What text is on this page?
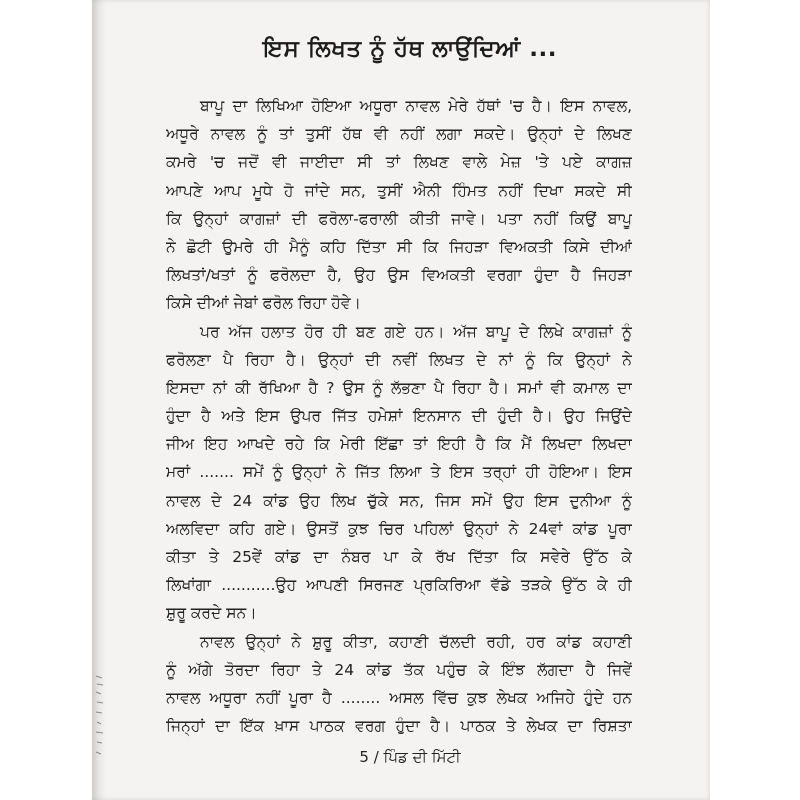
ਇਸ ਲਿਖਤ ਨੂੰ ਹੱਥ ਲਾਉਂਦਿਆਂ ...
ਬਾਪੂ ਦਾ ਲਿਖਿਆ ਹੋਇਆ ਅਧੂਰਾ ਨਾਵਲ ਮੇਰੇ ਹੱਥਾਂ 'ਚ ਹੈ। ਇਸ ਨਾਵਲ,
ਅਧੂਰੇ ਨਾਵਲ ਨੂੰ ਤਾਂ ਤੁਸੀਂ ਹੱਥ ਵੀ ਨਹੀਂ ਲਗਾ ਸਕਦੇ। ਉਨ੍ਹਾਂ ਦੇ ਲਿਖਣ
ਕਮਰੇ 'ਚ ਜਦੋਂ ਵੀ ਜਾਈਦਾ ਸੀ ਤਾਂ ਲਿਖਣ ਵਾਲੇ ਮੇਜ਼ 'ਤੇ ਪਏ ਕਾਗਜ਼
ਆਪਣੇ ਆਪ ਮੂਧੇ ਹੋ ਜਾਂਦੇ ਸਨ, ਤੁਸੀਂ ਐਨੀ ਹਿੰਮਤ ਨਹੀਂ ਦਿਖਾ ਸਕਦੇ ਸੀ
ਕਿ ਉਨ੍ਹਾਂ ਕਾਗਜ਼ਾਂ ਦੀ ਫਰੋਲਾ-ਫਰਾਲੀ ਕੀਤੀ ਜਾਵੇ। ਪਤਾ ਨਹੀਂ ਕਿਉਂ ਬਾਪੂ
ਨੇ ਛੋਟੀ ਉਮਰੇ ਹੀ ਮੈਨੂੰ ਕਹਿ ਦਿੱਤਾ ਸੀ ਕਿ ਜਿਹੜਾ ਵਿਅਕਤੀ ਕਿਸੇ ਦੀਆਂ
ਲਿਖਤਾਂ/ਖਤਾਂ ਨੂੰ ਫਰੋਲਦਾ ਹੈ, ਉਹ ਉਸ ਵਿਅਕਤੀ ਵਰਗਾ ਹੁੰਦਾ ਹੈ ਜਿਹੜਾ
ਕਿਸੇ ਦੀਆਂ ਜੇਬਾਂ ਫਰੋਲ ਰਿਹਾ ਹੋਵੇ।
ਪਰ ਅੱਜ ਹਲਾਤ ਹੋਰ ਹੀ ਬਣ ਗਏ ਹਨ। ਅੱਜ ਬਾਪੂ ਦੇ ਲਿਖੇ ਕਾਗਜ਼ਾਂ ਨੂੰ
ਫਰੋਲਣਾ ਪੈ ਰਿਹਾ ਹੈ। ਉਨ੍ਹਾਂ ਦੀ ਨਵੀਂ ਲਿਖਤ ਦੇ ਨਾਂ ਨੂੰ ਕਿ ਉਨ੍ਹਾਂ ਨੇ
ਇਸਦਾ ਨਾਂ ਕੀ ਰੱਖਿਆ ਹੈ ? ਉਸ ਨੂੰ ਲੱਭਣਾ ਪੈ ਰਿਹਾ ਹੈ। ਸਮਾਂ ਵੀ ਕਮਾਲ ਦਾ
ਹੁੰਦਾ ਹੈ ਅਤੇ ਇਸ ਉਪਰ ਜਿੱਤ ਹਮੇਸ਼ਾਂ ਇਨਸਾਨ ਦੀ ਹੁੰਦੀ ਹੈ। ਉਹ ਜਿਉਂਦੇ
ਜੀਅ ਇਹ ਆਖਦੇ ਰਹੇ ਕਿ ਮੇਰੀ ਇੱਛਾ ਤਾਂ ਇਹੀ ਹੈ ਕਿ ਮੈਂ ਲਿਖਦਾ ਲਿਖਦਾ
ਮਰਾਂ ....... ਸਮੇਂ ਨੂੰ ਉਨ੍ਹਾਂ ਨੇ ਜਿੱਤ ਲਿਆ ਤੇ ਇਸ ਤਰ੍ਹਾਂ ਹੀ ਹੋਇਆ। ਇਸ
ਨਾਵਲ ਦੇ 24 ਕਾਂਡ ਉਹ ਲਿਖ ਚੁੱਕੇ ਸਨ, ਜਿਸ ਸਮੇਂ ਉਹ ਇਸ ਦੁਨੀਆ ਨੂੰ
ਅਲਵਿਦਾ ਕਹਿ ਗਏ। ਉਸਤੋਂ ਕੁਝ ਚਿਰ ਪਹਿਲਾਂ ਉਨ੍ਹਾਂ ਨੇ 24ਵਾਂ ਕਾਂਡ ਪੂਰਾ
ਕੀਤਾ ਤੇ 25ਵੇਂ ਕਾਂਡ ਦਾ ਨੰਬਰ ਪਾ ਕੇ ਰੱਖ ਦਿੱਤਾ ਕਿ ਸਵੇਰੇ ਉੱਠ ਕੇ
ਲਿਖਾਂਗਾ ...........ਉਹ ਆਪਣੀ ਸਿਰਜਣ ਪ੍ਰਕਿਰਿਆ ਵੱਡੇ ਤੜਕੇ ਉੱਠ ਕੇ ਹੀ
ਸ਼ੁਰੂ ਕਰਦੇ ਸਨ।
ਨਾਵਲ ਉਨ੍ਹਾਂ ਨੇ ਸ਼ੁਰੂ ਕੀਤਾ, ਕਹਾਣੀ ਚੱਲਦੀ ਰਹੀ, ਹਰ ਕਾਂਡ ਕਹਾਣੀ
ਨੂੰ ਅੱਗੇ ਤੋਰਦਾ ਰਿਹਾ ਤੇ 24 ਕਾਂਡ ਤੱਕ ਪਹੁੰਚ ਕੇ ਇੰਝ ਲੱਗਦਾ ਹੈ ਜਿਵੇਂ
ਨਾਵਲ ਅਧੂਰਾ ਨਹੀਂ ਪੂਰਾ ਹੈ ........ ਅਸਲ ਵਿੱਚ ਕੁਝ ਲੇਖਕ ਅਜਿਹੇ ਹੁੰਦੇ ਹਨ
ਜਿਨ੍ਹਾਂ ਦਾ ਇੱਕ ਖ਼ਾਸ ਪਾਠਕ ਵਰਗ ਹੁੰਦਾ ਹੈ। ਪਾਠਕ ਤੇ ਲੇਖਕ ਦਾ ਰਿਸ਼ਤਾ
5 / ਪਿੰਡ ਦੀ ਮਿੱਟੀ
